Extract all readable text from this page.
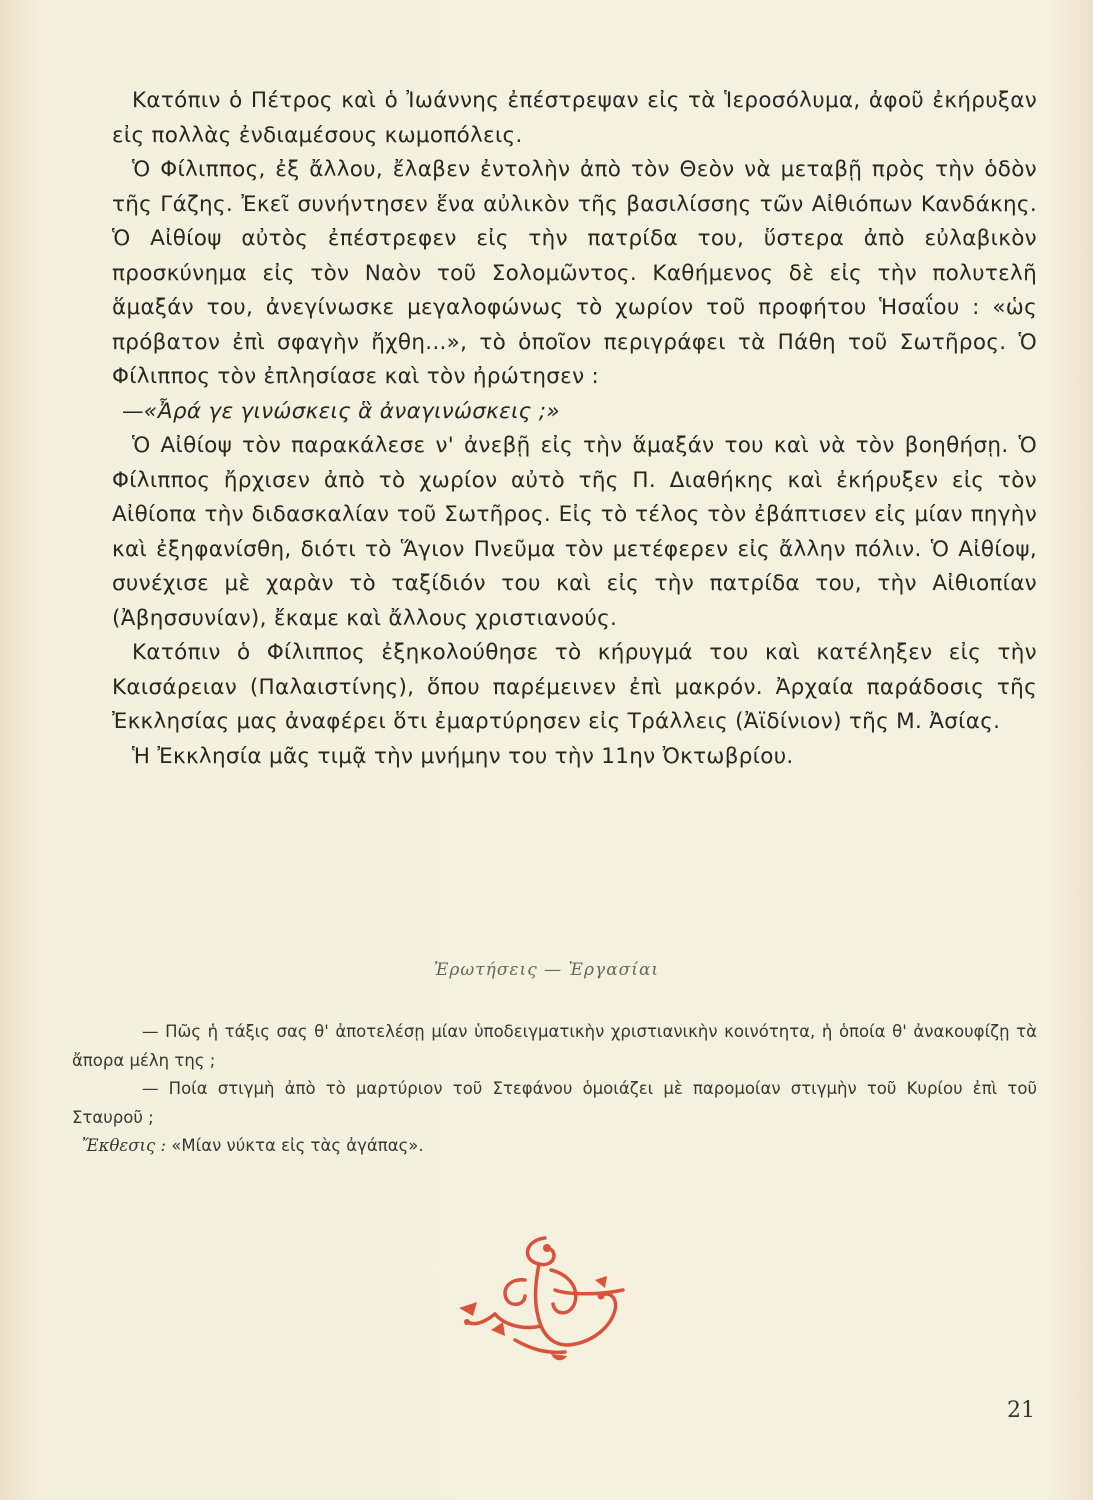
Κατόπιν ὁ Πέτρος καὶ ὁ Ἰωάννης ἐπέστρεψαν εἰς τὰ Ἱεροσόλυμα, ἀφοῦ ἐκήρυξαν εἰς πολλὰς ἐνδιαμέσους κωμοπόλεις.

Ὁ Φίλιππος, ἐξ ἄλλου, ἔλαβεν ἐντολὴν ἀπὸ τὸν Θεὸν νὰ μεταβῇ πρὸς τὴν ὁδὸν τῆς Γάζης. Ἐκεῖ συνήντησεν ἕνα αὐλικὸν τῆς βασιλίσσης τῶν Αἰθιόπων Κανδάκης. Ὁ Αἰθίοψ αὐτὸς ἐπέστρεφεν εἰς τὴν πατρίδα του, ὕστερα ἀπὸ εὐλαβικὸν προσκύνημα εἰς τὸν Ναὸν τοῦ Σολομῶντος. Καθήμενος δὲ εἰς τὴν πολυτελῆ ἅμαξάν του, ἀνεγίνωσκε μεγαλοφώνως τὸ χωρίον τοῦ προφήτου Ἡσαΐου : «ὡς πρόβατον ἐπὶ σφαγὴν ἤχθη...», τὸ ὁποῖον περιγράφει τὰ Πάθη τοῦ Σωτῆρος. Ὁ Φίλιππος τὸν ἐπλησίασε καὶ τὸν ἠρώτησεν :

—«Ἆρά γε γινώσκεις ἃ ἀναγινώσκεις ;»

Ὁ Αἰθίοψ τὸν παρακάλεσε ν' ἀνεβῇ εἰς τὴν ἅμαξάν του καὶ νὰ τὸν βοηθήσῃ. Ὁ Φίλιππος ἤρχισεν ἀπὸ τὸ χωρίον αὐτὸ τῆς Π. Διαθήκης καὶ ἐκήρυξεν εἰς τὸν Αἰθίοπα τὴν διδασκαλίαν τοῦ Σωτῆρος. Εἰς τὸ τέλος τὸν ἐβάπτισεν εἰς μίαν πηγὴν καὶ ἐξηφανίσθη, διότι τὸ Ἅγιον Πνεῦμα τὸν μετέφερεν εἰς ἄλλην πόλιν. Ὁ Αἰθίοψ, συνέχισε μὲ χαρὰν τὸ ταξίδιόν του καὶ εἰς τὴν πατρίδα του, τὴν Αἰθιοπίαν (Ἀβησσυνίαν), ἔκαμε καὶ ἄλλους χριστιανούς.

Κατόπιν ὁ Φίλιππος ἐξηκολούθησε τὸ κήρυγμά του καὶ κατέληξεν εἰς τὴν Καισάρειαν (Παλαιστίνης), ὅπου παρέμεινεν ἐπὶ μακρόν. Ἀρχαία παράδοσις τῆς Ἐκκλησίας μας ἀναφέρει ὅτι ἐμαρτύρησεν εἰς Τράλλεις (Ἀϊδίνιον) τῆς Μ. Ἀσίας.

Ἡ Ἐκκλησία μᾶς τιμᾷ τὴν μνήμην του τὴν 11ην Ὀκτωβρίου.

Ἐρωτήσεις — Ἐργασίαι

— Πῶς ἡ τάξις σας θ' ἀποτελέσῃ μίαν ὑποδειγματικὴν χριστιανικὴν κοινότητα, ἡ ὁποία θ' ἀνακουφίζῃ τὰ ἄπορα μέλη της ;

— Ποία στιγμὴ ἀπὸ τὸ μαρτύριον τοῦ Στεφάνου ὁμοιάζει μὲ παρομοίαν στιγμὴν τοῦ Κυρίου ἐπὶ τοῦ Σταυροῦ ;

Ἔκθεσις : «Μίαν νύκτα εἰς τὰς ἀγάπας».

21
